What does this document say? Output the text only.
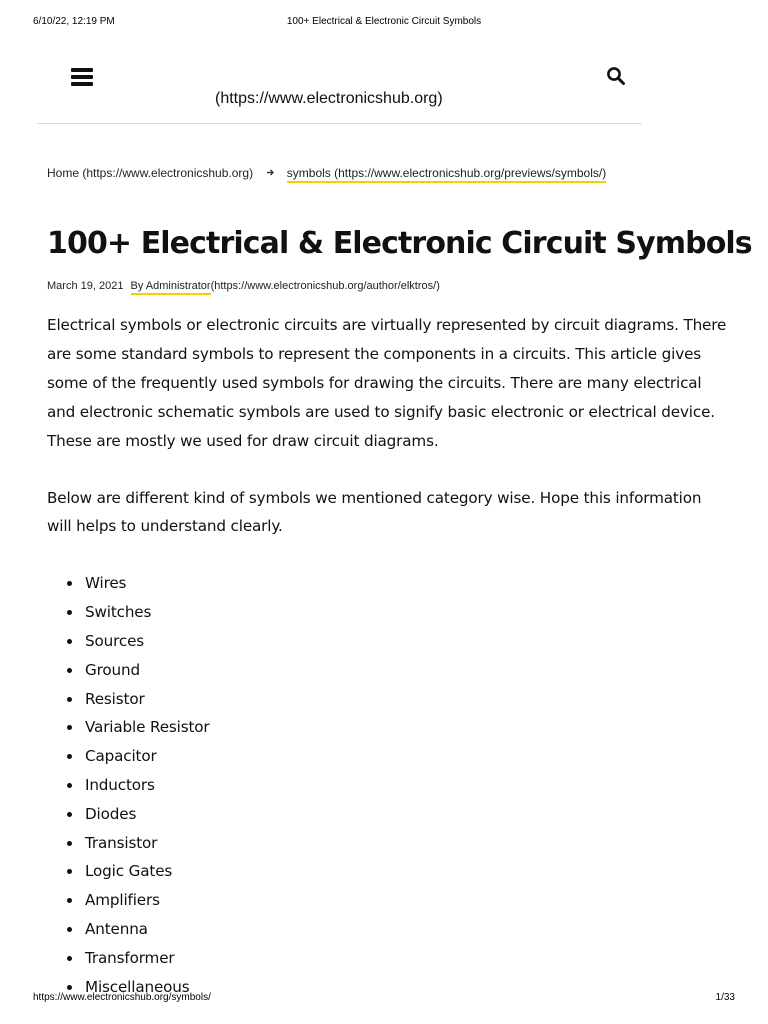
6/10/22, 12:19 PM	100+ Electrical & Electronic Circuit Symbols
(https://www.electronicshub.org)
Home (https://www.electronicshub.org)	symbols (https://www.electronicshub.org/previews/symbols/)
100+ Electrical & Electronic Circuit Symbols
March 19, 2021 By Administrator(https://www.electronicshub.org/author/elktros/)

Electrical symbols or electronic circuits are virtually represented by circuit diagrams. There are some standard symbols to represent the components in a circuits. This article gives some of the frequently used symbols for drawing the circuits. There are many electrical and electronic schematic symbols are used to signify basic electronic or electrical device. These are mostly we used for draw circuit diagrams.

Below are different kind of symbols we mentioned category wise. Hope this information will helps to understand clearly.

Wires
Switches
Sources
Ground
Resistor
Variable Resistor
Capacitor
Inductors
Diodes
Transistor
Logic Gates
Amplifiers
Antenna
Transformer
Miscellaneous
https://www.electronicshub.org/symbols/	1/33
